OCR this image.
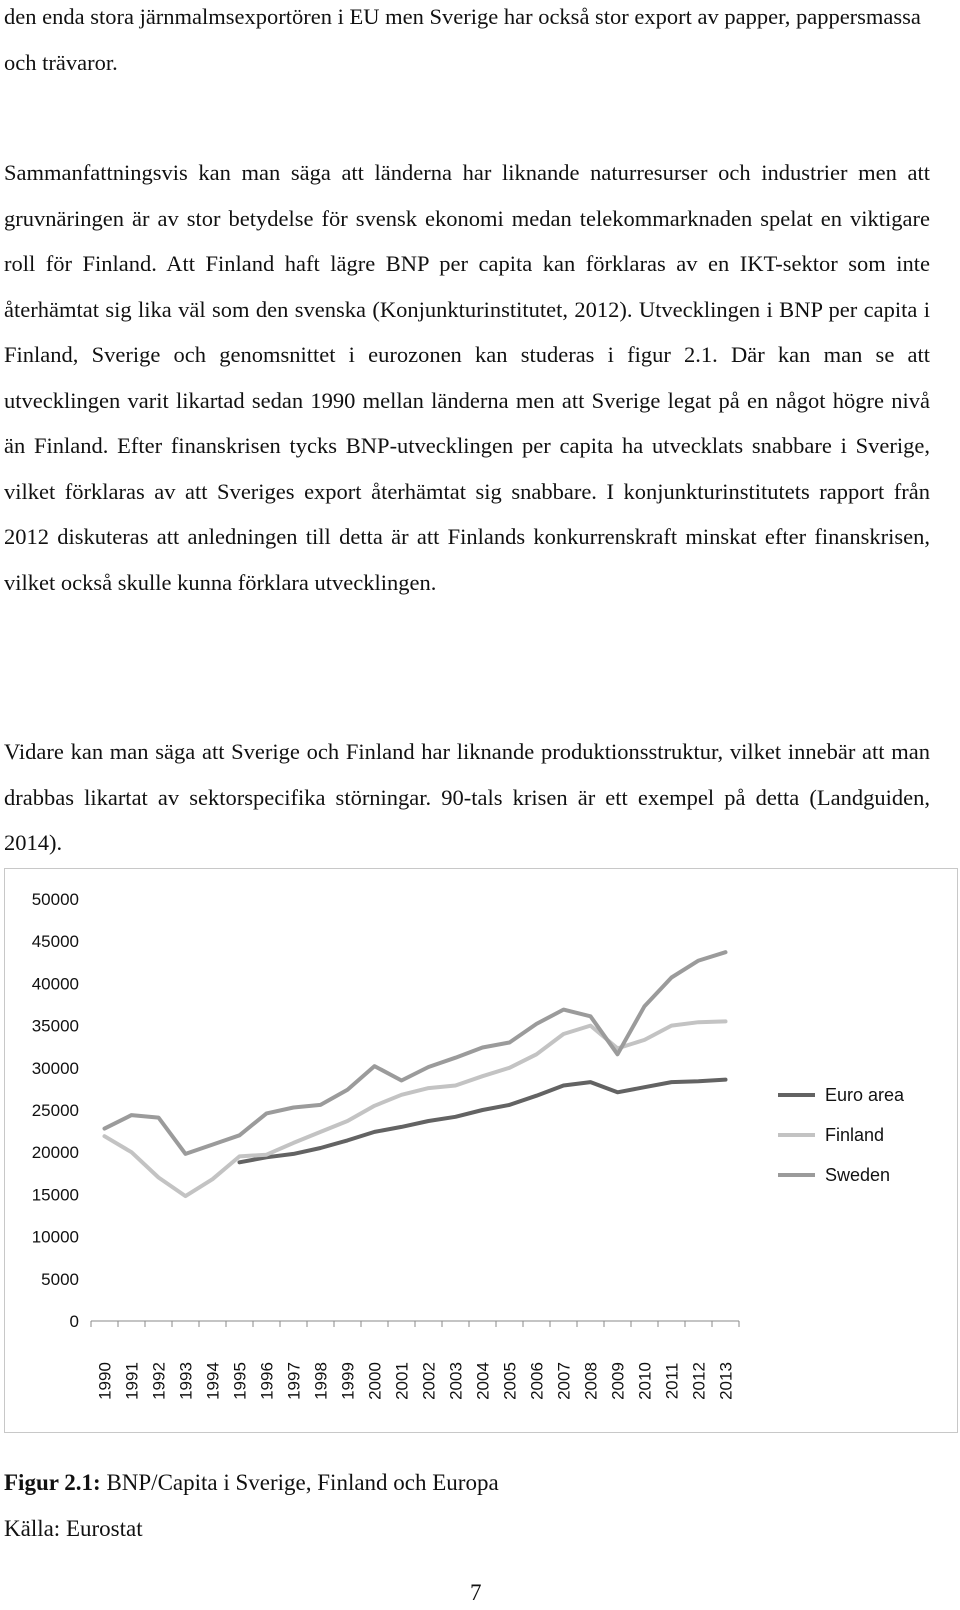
den enda stora järnmalmsexportören i EU men Sverige har också stor export av papper, pappersmassa och trävaror.

Sammanfattningsvis kan man säga att länderna har liknande naturresurser och industrier men att gruvnäringen är av stor betydelse för svensk ekonomi medan telekommarknaden spelat en viktigare roll för Finland. Att Finland haft lägre BNP per capita kan förklaras av en IKT-sektor som inte återhämtat sig lika väl som den svenska (Konjunkturinstitutet, 2012). Utvecklingen i BNP per capita i Finland, Sverige och genomsnittet i eurozonen kan studeras i figur 2.1. Där kan man se att utvecklingen varit likartad sedan 1990 mellan länderna men att Sverige legat på en något högre nivå än Finland. Efter finanskrisen tycks BNP-utvecklingen per capita ha utvecklats snabbare i Sverige, vilket förklaras av att Sveriges export återhämtat sig snabbare. I konjunkturinstitutets rapport från 2012 diskuteras att anledningen till detta är att Finlands konkurrenskraft minskat efter finanskrisen, vilket också skulle kunna förklara utvecklingen.

Vidare kan man säga att Sverige och Finland har liknande produktionsstruktur, vilket innebär att man drabbas likartat av sektorspecifika störningar. 90-tals krisen är ett exempel på detta (Landguiden, 2014).

0
5000
10000
15000
20000
25000
30000
35000
40000
45000
50000
1990 1991 1992 1993 1994 1995 1996 1997 1998 1999 2000 2001 2002 2003 2004 2005 2006 2007 2008 2009 2010 2011 2012 2013
Euro area
Finland
Sweden

Figur 2.1: BNP/Capita i Sverige, Finland och Europa

Källa: Eurostat

7
